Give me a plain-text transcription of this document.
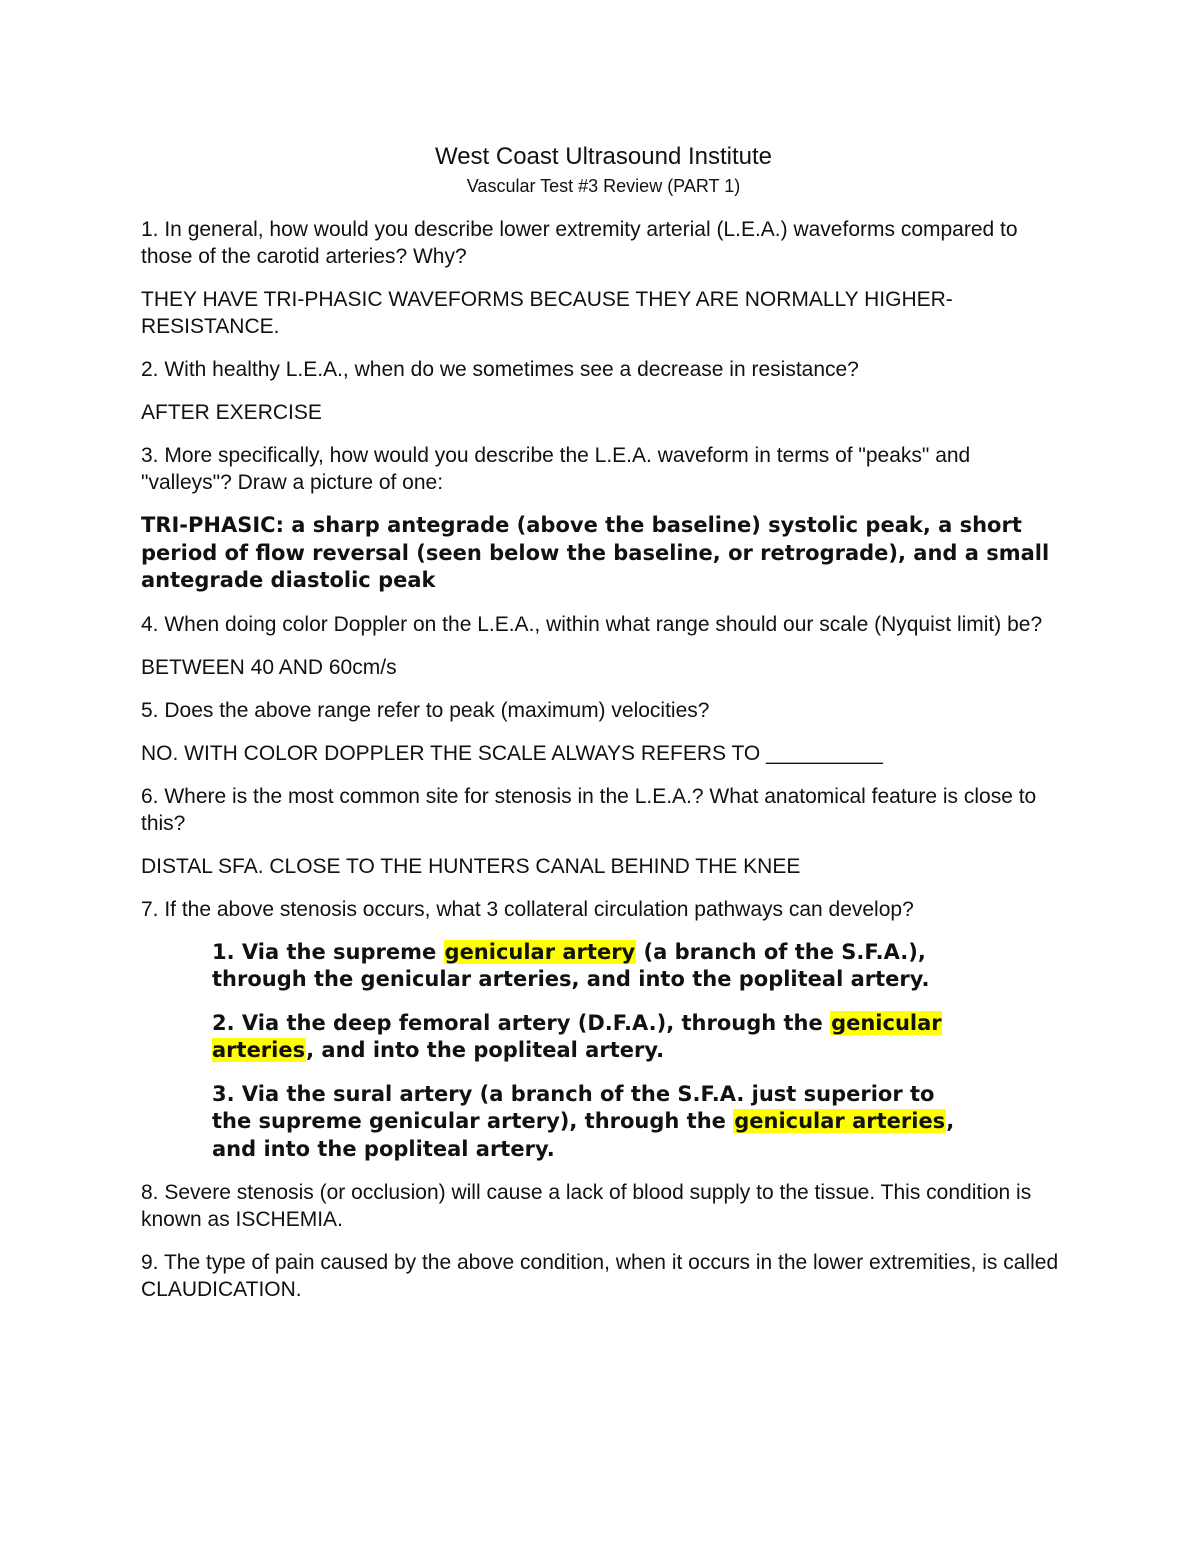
West Coast Ultrasound Institute
Vascular Test #3 Review (PART 1)

1. In general, how would you describe lower extremity arterial (L.E.A.) waveforms compared to those of the carotid arteries? Why?

THEY HAVE TRI-PHASIC WAVEFORMS BECAUSE THEY ARE NORMALLY HIGHER-RESISTANCE.

2. With healthy L.E.A., when do we sometimes see a decrease in resistance?

AFTER EXERCISE

3. More specifically, how would you describe the L.E.A. waveform in terms of "peaks" and "valleys"? Draw a picture of one:

TRI-PHASIC: a sharp antegrade (above the baseline) systolic peak, a short period of flow reversal (seen below the baseline, or retrograde), and a small antegrade diastolic peak

4. When doing color Doppler on the L.E.A., within what range should our scale (Nyquist limit) be?

BETWEEN 40 AND 60cm/s

5. Does the above range refer to peak (maximum) velocities?

NO. WITH COLOR DOPPLER THE SCALE ALWAYS REFERS TO __________

6. Where is the most common site for stenosis in the L.E.A.? What anatomical feature is close to this?

DISTAL SFA. CLOSE TO THE HUNTERS CANAL BEHIND THE KNEE

7. If the above stenosis occurs, what 3 collateral circulation pathways can develop?

1. Via the supreme genicular artery (a branch of the S.F.A.), through the genicular arteries, and into the popliteal artery.

2. Via the deep femoral artery (D.F.A.), through the genicular arteries, and into the popliteal artery.

3. Via the sural artery (a branch of the S.F.A. just superior to the supreme genicular artery), through the genicular arteries, and into the popliteal artery.

8. Severe stenosis (or occlusion) will cause a lack of blood supply to the tissue. This condition is known as ISCHEMIA.

9. The type of pain caused by the above condition, when it occurs in the lower extremities, is called CLAUDICATION.
